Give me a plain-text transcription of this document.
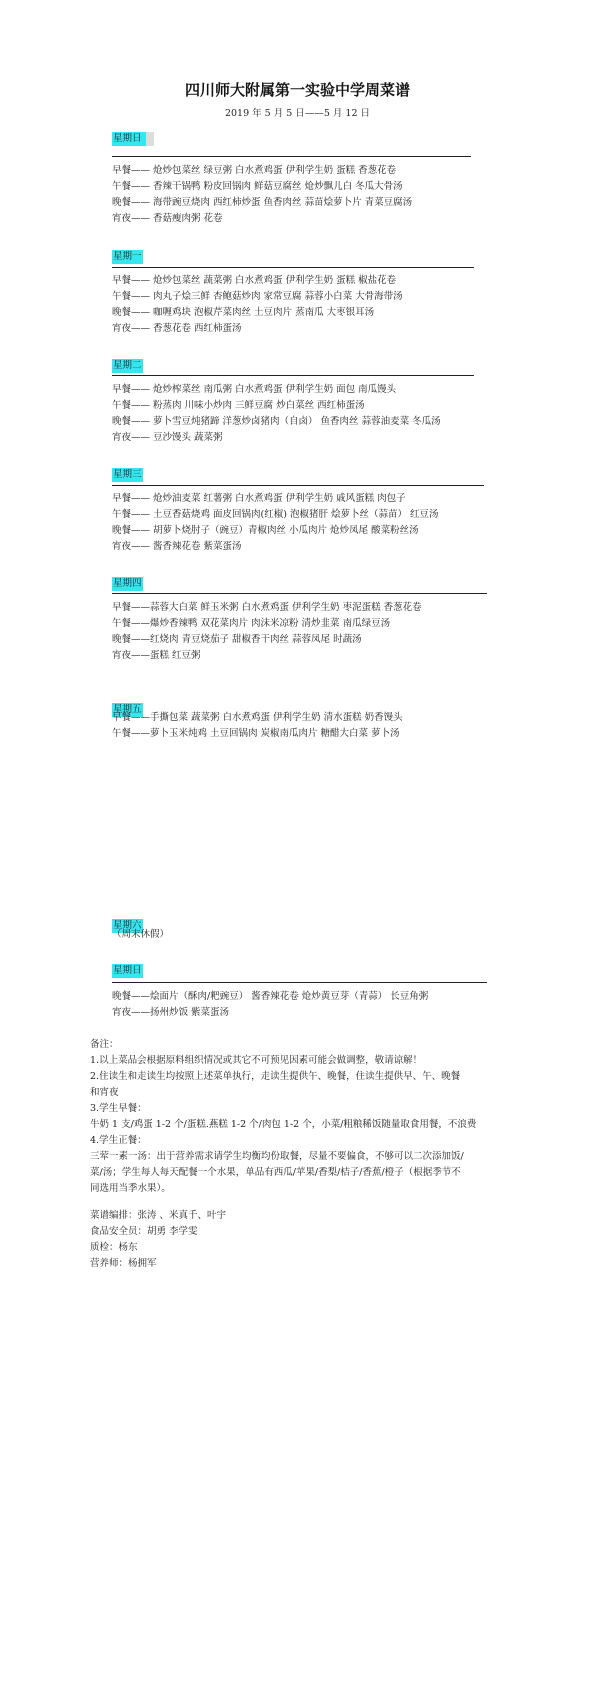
四川师大附属第一实验中学周菜谱
2019 年 5 月 5 日——5 月 12 日
星期日
早餐—— 炝炒包菜丝 绿豆粥 白水煮鸡蛋 伊利学生奶 蛋糕 香葱花卷
午餐—— 香辣干锅鸭 粉皮回锅肉 鲜菇豆腐丝 炝炒飘儿白 冬瓜大骨汤
晚餐—— 海带豌豆烧肉 西红柿炒蛋 鱼香肉丝 蒜苗烩萝卜片 青菜豆腐汤
宵夜—— 香菇瘦肉粥 花卷
星期一
早餐—— 炝炒包菜丝 蔬菜粥 白水煮鸡蛋 伊利学生奶 蛋糕 椒盐花卷
午餐—— 肉丸子烩三鲜 杏鲍菇炒肉 家常豆腐 蒜蓉小白菜 大骨海带汤
晚餐—— 咖喱鸡块 泡椒芹菜肉丝 土豆肉片 蒸南瓜 大枣银耳汤
宵夜—— 香葱花卷 西红柿蛋汤
星期二
早餐—— 炝炒榨菜丝 南瓜粥 白水煮鸡蛋 伊利学生奶 面包 南瓜馒头
午餐—— 粉蒸肉 川味小炒肉 三鲜豆腐 炒白菜丝 西红柿蛋汤
晚餐—— 萝卜雪豆炖猪蹄 洋葱炒卤猪肉（自卤） 鱼香肉丝 蒜蓉油麦菜 冬瓜汤
宵夜—— 豆沙馒头 蔬菜粥
星期三
早餐—— 炝炒油麦菜 红薯粥 白水煮鸡蛋 伊利学生奶 戚风蛋糕 肉包子
午餐—— 土豆香菇烧鸡 面皮回锅肉(红椒) 泡椒猪肝 烩萝卜丝（蒜苗） 红豆汤
晚餐—— 胡萝卜烧肘子（豌豆）青椒肉丝 小瓜肉片 炝炒凤尾 酸菜粉丝汤
宵夜—— 酱香辣花卷 紫菜蛋汤
星期四
早餐——蒜蓉大白菜 鲜玉米粥 白水煮鸡蛋 伊利学生奶 枣泥蛋糕 香葱花卷
午餐——爆炒香辣鸭 双花菜肉片 肉沫米凉粉 清炒韭菜 南瓜绿豆汤
晚餐——红烧肉 青豆烧茄子 甜椒香干肉丝 蒜蓉凤尾 时蔬汤
宵夜——蛋糕 红豆粥
星期五
早餐——手撕包菜 蔬菜粥 白水煮鸡蛋 伊利学生奶 清水蛋糕 奶香馒头
午餐——萝卜玉米炖鸡 土豆回锅肉 炭椒南瓜肉片 糖醋大白菜 萝卜汤
星期六
（周末休假）
星期日
晚餐——烩面片（酥肉/粑豌豆） 酱香辣花卷 炝炒黄豆芽（青蒜） 长豆角粥
宵夜——扬州炒饭 紫菜蛋汤
备注：
1.以上菜品会根据原料组织情况或其它不可预见因素可能会做调整，敬请谅解！
2.住读生和走读生均按照上述菜单执行，走读生提供午、晚餐，住读生提供早、午、晚餐
和宵夜
3.学生早餐：
牛奶 1 支/鸡蛋 1-2 个/蛋糕.燕糕 1-2 个/肉包 1-2 个，小菜/粗粮稀饭随量取食用餐，不浪费
4.学生正餐：
三荤一素一汤：出于营养需求请学生均衡均份取餐，尽量不要偏食，不够可以二次添加饭/
菜/汤；学生每人每天配餐一个水果，单品有西瓜/苹果/香梨/桔子/香蕉/橙子（根据季节不
同选用当季水果）。
菜谱编排：张涛 、米真千、叶宇
食品安全员：胡勇 李学雯
质检：杨东
营养师：杨拥军
